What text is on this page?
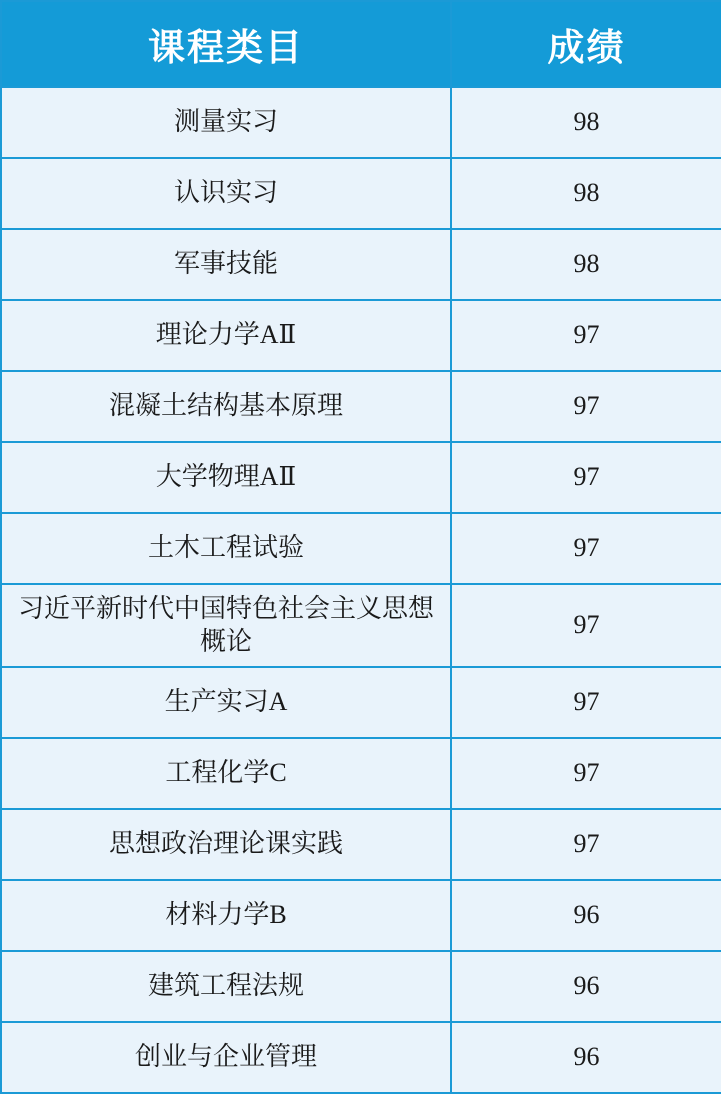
课程类目	成绩

测量实习	98

认识实习	98

军事技能	98

理论力学AⅡ	97

混凝土结构基本原理	97

大学物理AⅡ	97

土木工程试验	97

习近平新时代中国特色社会主义思想概论	97

生产实习A	97

工程化学C	97

思想政治理论课实践	97

材料力学B	96

建筑工程法规	96

创业与企业管理	96
